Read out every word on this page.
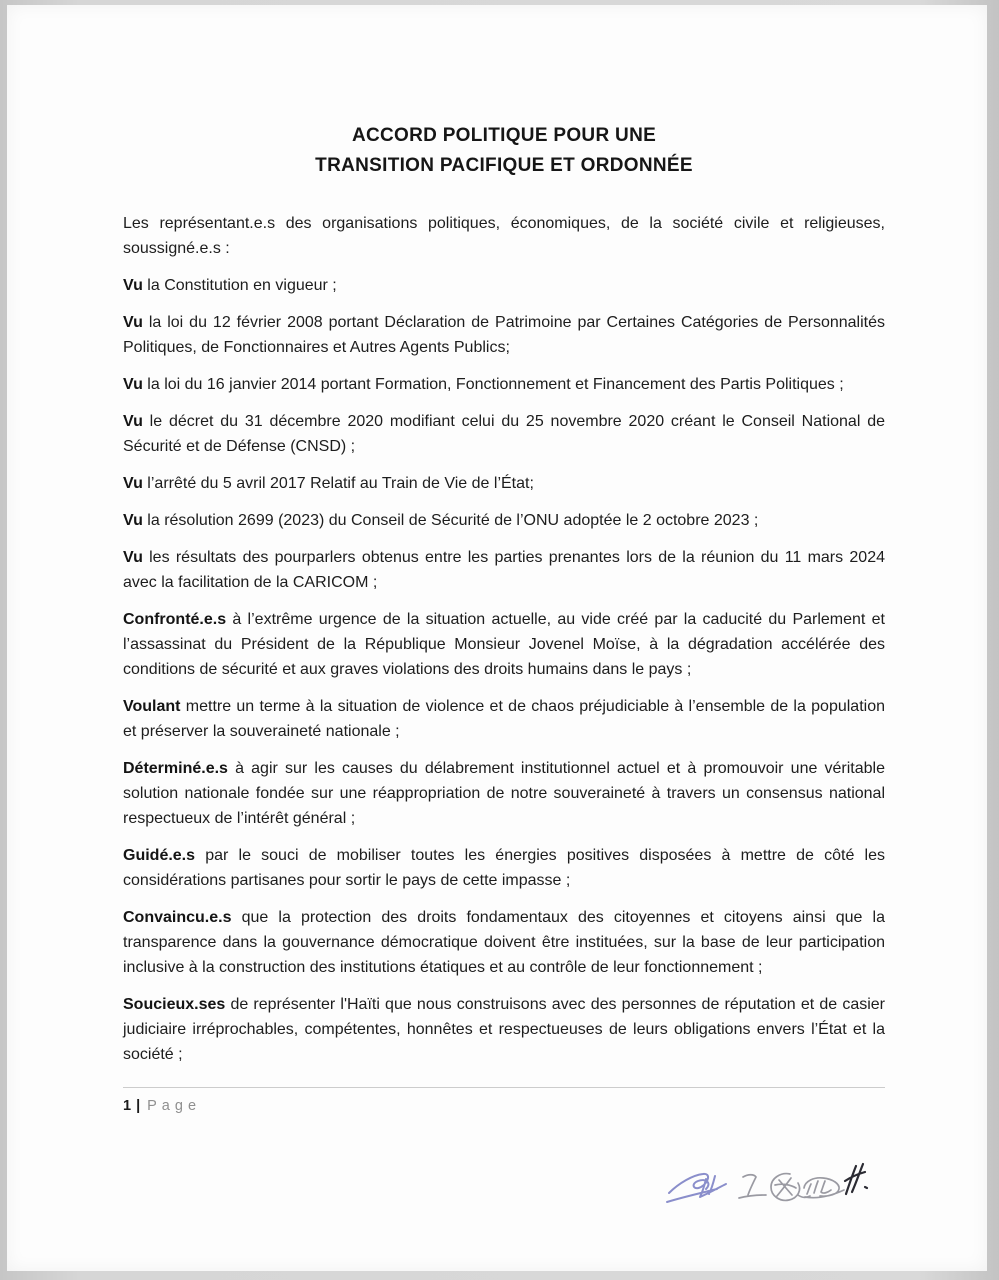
ACCORD POLITIQUE POUR UNE
TRANSITION PACIFIQUE ET ORDONNÉE

Les représentant.e.s des organisations politiques, économiques, de la société civile et religieuses, soussigné.e.s :

Vu la Constitution en vigueur ;

Vu la loi du 12 février 2008 portant Déclaration de Patrimoine par Certaines Catégories de Personnalités Politiques, de Fonctionnaires et Autres Agents Publics;

Vu la loi du 16 janvier 2014 portant Formation, Fonctionnement et Financement des Partis Politiques ;

Vu le décret du 31 décembre 2020 modifiant celui du 25 novembre 2020 créant le Conseil National de Sécurité et de Défense (CNSD) ;

Vu l’arrêté du 5 avril 2017 Relatif au Train de Vie de l’État;

Vu la résolution 2699 (2023) du Conseil de Sécurité de l’ONU adoptée le 2 octobre 2023 ;

Vu les résultats des pourparlers obtenus entre les parties prenantes lors de la réunion du 11 mars 2024 avec la facilitation de la CARICOM ;

Confronté.e.s à l’extrême urgence de la situation actuelle, au vide créé par la caducité du Parlement et l’assassinat du Président de la République Monsieur Jovenel Moïse, à la dégradation accélérée des conditions de sécurité et aux graves violations des droits humains dans le pays ;

Voulant mettre un terme à la situation de violence et de chaos préjudiciable à l’ensemble de la population et préserver la souveraineté nationale ;

Déterminé.e.s à agir sur les causes du délabrement institutionnel actuel et à promouvoir une véritable solution nationale fondée sur une réappropriation de notre souveraineté à travers un consensus national respectueux de l’intérêt général ;

Guidé.e.s par le souci de mobiliser toutes les énergies positives disposées à mettre de côté les considérations partisanes pour sortir le pays de cette impasse ;

Convaincu.e.s que la protection des droits fondamentaux des citoyennes et citoyens ainsi que la transparence dans la gouvernance démocratique doivent être instituées, sur la base de leur participation inclusive à la construction des institutions étatiques et au contrôle de leur fonctionnement ;

Soucieux.ses de représenter l'Haïti que nous construisons avec des personnes de réputation et de casier judiciaire irréprochables, compétentes, honnêtes et respectueuses de leurs obligations envers l’État et la société ;

1 | Page
